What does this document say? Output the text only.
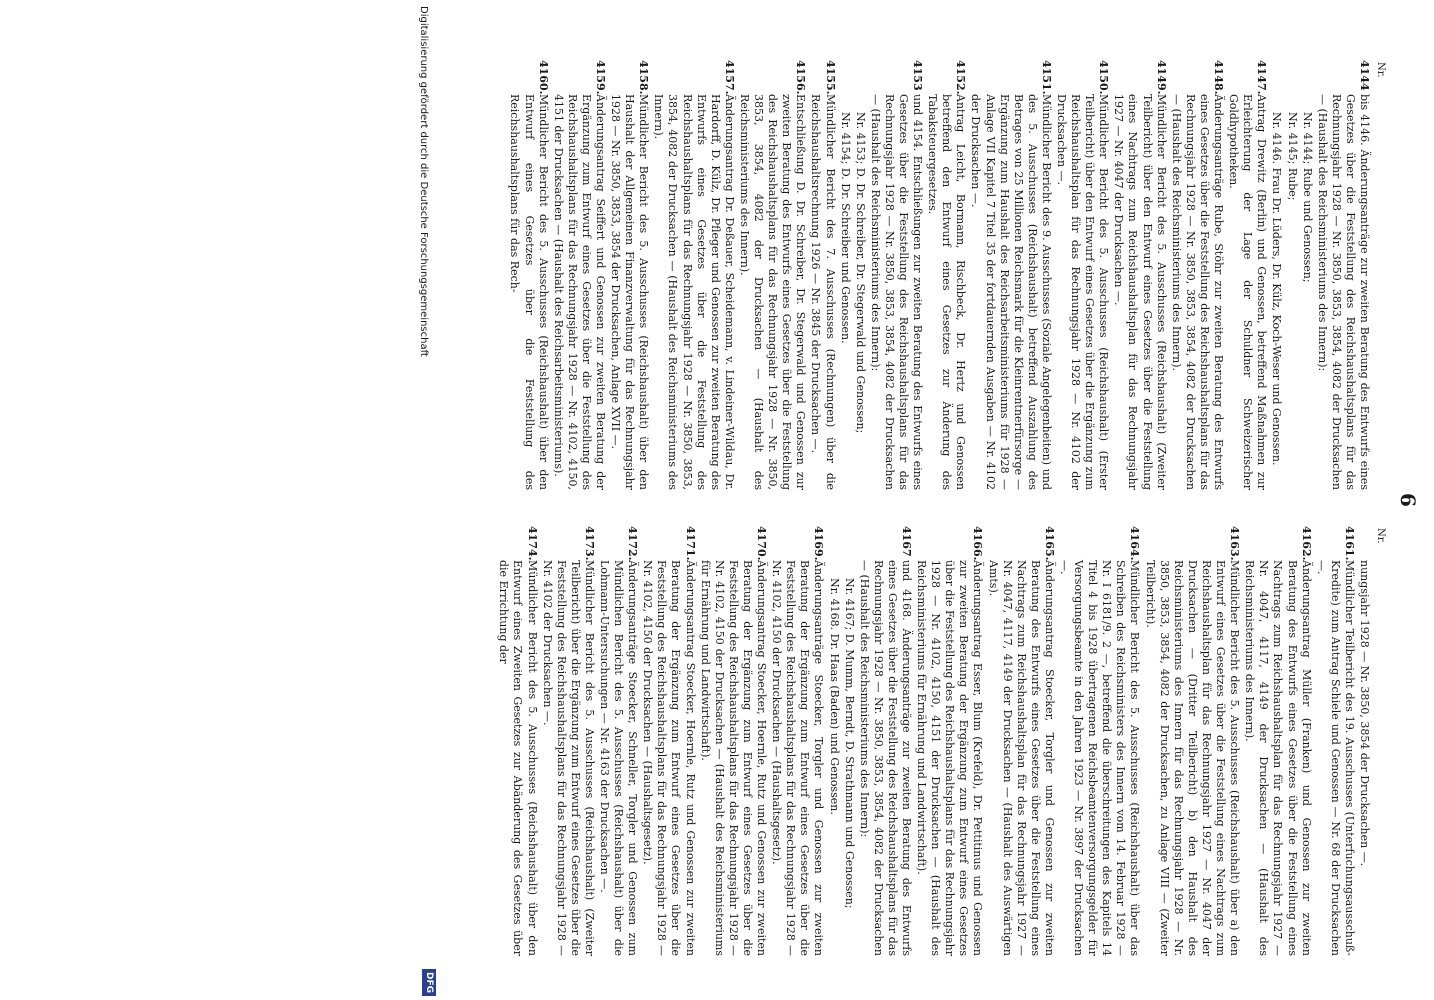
6
Nr.
4144
bis 4146. Änderungsanträge zur zweiten Beratung des Entwurfs eines Gesetzes über die Feststellung des Reichshaushaltsplans für das Rechnungsjahr 1928 — Nr. 3850, 3853, 3854, 4082 der Drucksachen — (Haushalt des Reichsministeriums des Innern):
Nr. 4144; Rube und Genossen;
Nr. 4145; Rube;
Nr. 4146. Frau Dr. Lüders, Dr. Külz, Koch-Weser und Genossen.
4147.
Antrag Drewitz (Berlin) und Genossen, betreffend Maßnahmen zur Erleichterung der Lage der Schuldner Schweizerischer Goldhypotheken.
4148.
Änderungsanträge Rube, Stöhr zur zweiten Beratung des Entwurfs eines Gesetzes über die Feststellung des Reichshaushaltsplans für das Rechnungsjahr 1928 — Nr. 3850, 3853, 3854, 4082 der Drucksachen — (Haushalt des Reichsministeriums des Innern).
4149.
Mündlicher Bericht des 5. Ausschusses (Reichshaushalt) (Zweiter Teilbericht) über den Entwurf eines Gesetzes über die Feststellung eines Nachtrags zum Reichshaushaltsplan für das Rechnungsjahr 1927 — Nr. 4047 der Drucksachen —.
4150.
Mündlicher Bericht des 5. Ausschusses (Reichshaushalt) (Erster Teilbericht) über den Entwurf eines Gesetzes über die Ergänzung zum Reichshaushaltsplan für das Rechnungsjahr 1928 — Nr. 4102 der Drucksachen —.
4151.
Mündlicher Bericht des 9. Ausschusses (Soziale Angelegenheiten) und des 5. Ausschusses (Reichshaushalt) betreffend Auszahlung des Betrages von 25 Millionen Reichsmark für die Kleinrentnerfürsorge — Ergänzung zum Haushalt des Reichsarbeitsministeriums für 1928 — Anlage VII Kapitel 7 Titel 35 der fortdauernden Ausgaben — Nr. 4102 der Drucksachen —.
4152.
Antrag Leicht, Bormann, Rischbeck, Dr. Hertz und Genossen betreffend den Entwurf eines Gesetzes zur Änderung des Tabaksteuergesetzes.
4153
und 4154. Entschließungen zur zweiten Beratung des Entwurfs eines Gesetzes über die Feststellung des Reichshaushaltsplans für das Rechnungsjahr 1928 — Nr. 3850, 3853, 3854, 4082 der Drucksachen — (Haushalt des Reichsministeriums des Innern):
Nr. 4153; D. Dr. Schreiber, Dr. Stegerwald und Genossen;
Nr. 4154; D. Dr. Schreiber und Genossen.
4155.
Mündlicher Bericht des 7. Ausschusses (Rechnungen) über die Reichshaushaltsrechnung 1926 — Nr. 3845 der Drucksachen —.
4156.
Entschließung D. Dr. Schreiber, Dr. Stegerwald und Genossen zur zweiten Beratung des Entwurfs eines Gesetzes über die Feststellung des Reichshaushaltsplans für das Rechnungsjahr 1928 — Nr. 3850, 3853, 3854, 4082 der Drucksachen — (Haushalt des Reichsministeriums des Innern).
4157.
Änderungsantrag Dr. Deßauer, Scheidemann, v. Lindeiner-Wildau, Dr. Hardorff, D. Külz, Dr. Pfleger und Genossen zur zweiten Beratung des Entwurfs eines Gesetzes über die Feststellung des Reichshaushaltsplans für das Rechnungsjahr 1928 — Nr. 3850, 3853, 3854, 4082 der Drucksachen — (Haushalt des Reichsministeriums des Innern).
4158.
Mündlicher Bericht des 5. Ausschusses (Reichshaushalt) über den Haushalt der Allgemeinen Finanzverwaltung für das Rechnungsjahr 1928 — Nr. 3850, 3853, 3854 der Drucksachen, Anlage XVII —.
4159.
Änderungsantrag Seiffert und Genossen zur zweiten Beratung der Ergänzung zum Entwurf eines Gesetzes über die Feststellung des Reichshaushaltsplans für das Rechnungsjahr 1928 — Nr. 4102, 4150, 4151 der Drucksachen — (Haushalt des Reichsarbeitsministeriums).
4160.
Mündlicher Bericht des 5. Ausschusses (Reichshaushalt) über den Entwurf eines Gesetzes über die Feststellung des Reichshaushaltsplans für das Rech-
Nr.
nungsjahr 1928 — Nr. 3850, 3854 der Drucksachen —.
4161.
Mündlicher Teilbericht des 19. Ausschusses (Unterfuchungsausschuß-Kredite) zum Antrag Schiele und Genossen — Nr. 68 der Drucksachen —.
4162.
Änderungsantrag Müller (Franken) und Genossen zur zweiten Beratung des Entwurfs eines Gesetzes über die Feststellung eines Nachtrags zum Reichshaushaltsplan für das Rechnungsjahr 1927 — Nr. 4047, 4117, 4149 der Drucksachen — (Haushalt des Reichsministeriums des Innern).
4163.
Mündlicher Bericht des 5. Ausschusses (Reichshaushalt) über a) den Entwurf eines Gesetzes über die Feststellung eines Nachtrags zum Reichshaushaltsplan für das Rechnungsjahr 1927 — Nr. 4047 der Drucksachen — (Dritter Teilbericht) b) den Haushalt des Reichsministeriums des Innern für das Rechnungsjahr 1928 — Nr. 3850, 3853, 3854, 4082 der Drucksachen, zu Anlage VIII — (Zweiter Teilbericht).
4164.
Mündlicher Bericht des 5. Ausschusses (Reichshaushalt) über das Schreiben des Reichsministers des Innern vom 14. Februar 1928 — Nr. I 6181/9. 2 —, betreffend die überschreitungen des Kapitels 14 Titel 4 bis 1928 übertragenen Reichsbeamtenversorgungsgelder für Versorgungsbeamte in den Jahren 1923 — Nr. 3897 der Drucksachen —.
4165.
Änderungsantrag Stoecker, Torgler und Genossen zur zweiten Beratung des Entwurfs eines Gesetzes über die Feststellung eines Nachtrags zum Reichshaushaltsplan für das Rechnungsjahr 1927 — Nr. 4047, 4117, 4149 der Drucksachen — (Haushalt des Auswärtigen Amts).
4166.
Änderungsantrag Esser, Blum (Krefeld), Dr. Pettitinus und Genossen zur zweiten Beratung der Ergänzung zum Entwurf eines Gesetzes über die Feststellung des Reichshaushaltsplans für das Rechnungsjahr 1928 — Nr. 4102, 4150, 4151 der Drucksachen — (Haushalt des Reichsministeriums für Ernährung und Landwirtschaft).
4167
und 4168. Änderungsanträge zur zweiten Beratung des Entwurfs eines Gesetzes über die Feststellung des Reichshaushaltsplans für das Rechnungsjahr 1928 — Nr. 3850, 3853, 3854, 4082 der Drucksachen — (Haushalt des Reichsministeriums des Innern):
Nr. 4167; D. Mumm, Berndt, D. Strathmann und Genossen;
Nr. 4168. Dr. Haas (Baden) und Genossen.
4169.
Änderungsanträge Stoecker, Torgler und Genossen zur zweiten Beratung der Ergänzung zum Entwurf eines Gesetzes über die Feststellung des Reichshaushaltsplans für das Rechnungsjahr 1928 — Nr. 4102, 4150 der Drucksachen — (Haushaltsgesetz).
4170.
Änderungsantrag Stoecker, Hoernle, Rutz und Genossen zur zweiten Beratung der Ergänzung zum Entwurf eines Gesetzes über die Feststellung des Reichshaushaltsplans für das Rechnungsjahr 1928 — Nr. 4102, 4150 der Drucksachen — (Haushalt des Reichsministeriums für Ernährung und Landwirtschaft).
4171.
Änderungsantrag Stoecker, Hoernle, Rutz und Genossen zur zweiten Beratung der Ergänzung zum Entwurf eines Gesetzes über die Feststellung des Reichshaushaltsplans für das Rechnungsjahr 1928 — Nr. 4102, 4150 der Drucksachen — (Haushaltsgesetz).
4172.
Änderungsanträge Stoecker, Schneller, Torgler und Genossen zum Mündlichen Bericht des 5. Ausschusses (Reichshaushalt) über die Lohmann-Untersuchungen — Nr. 4163 der Drucksachen —.
4173.
Mündlicher Bericht des 5. Ausschusses (Reichshaushalt) (Zweiter Teilbericht) über die Ergänzung zum Entwurf eines Gesetzes über die Feststellung des Reichshaushaltsplans für das Rechnungsjahr 1928 — Nr. 4102 der Drucksachen —.
4174.
Mündlicher Bericht des 5. Ausschusses (Reichshaushalt) über den Entwurf eines Zweiten Gesetzes zur Abänderung des Gesetzes über die Errichtung der
Digitalisierung gefördert durch die Deutsche Forschungsgemeinschaft
DFG
